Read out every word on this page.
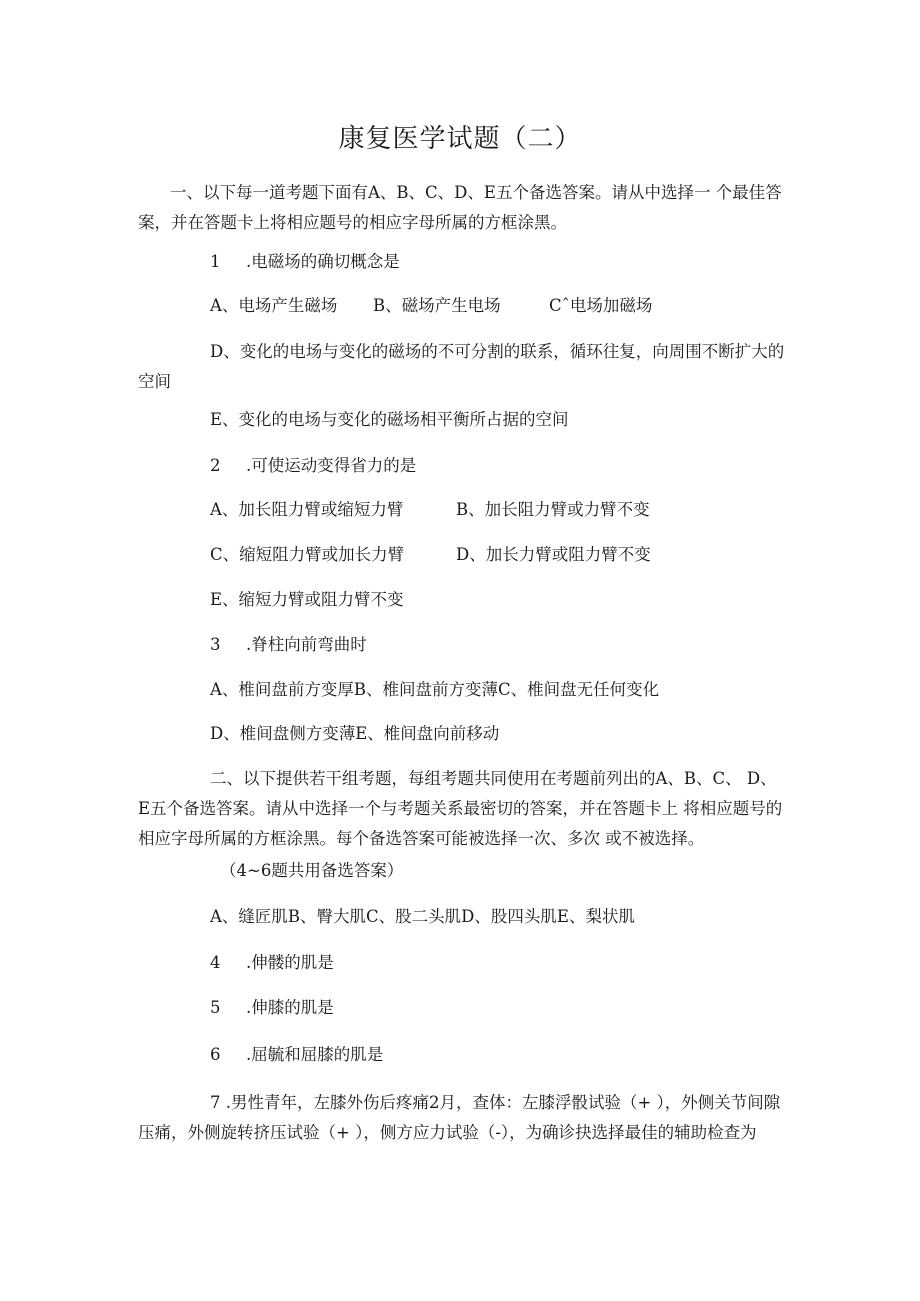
康复医学试题（二）
一、以下每一道考题下面有A、B、C、D、E五个备选答案。请从中选择一 个最佳答案，并在答题卡上将相应题号的相应字母所属的方框涂黑。
1 .电磁场的确切概念是
A、电场产生磁场 B、磁场产生电场	Cˆ电场加磁场
D、变化的电场与变化的磁场的不可分割的联系，循环往复，向周围不断扩大的空间
E、变化的电场与变化的磁场相平衡所占据的空间
2 .可使运动变得省力的是
A、加长阻力臂或缩短力臂	B、加长阻力臂或力臂不变
C、缩短阻力臂或加长力臂	D、加长力臂或阻力臂不变
E、缩短力臂或阻力臂不变
3 .脊柱向前弯曲时
A、椎间盘前方变厚B、椎间盘前方变薄C、椎间盘无任何变化
D、椎间盘侧方变薄E、椎间盘向前移动
二、以下提供若干组考题，每组考题共同使用在考题前列出的A、B、C、 D、E五个备选答案。请从中选择一个与考题关系最密切的答案，并在答题卡上 将相应题号的相应字母所属的方框涂黑。每个备选答案可能被选择一次、多次 或不被选择。
（4~6题共用备选答案）
A、缝匠肌B、臀大肌C、股二头肌D、股四头肌E、梨状肌
4 .伸髅的肌是
5 .伸膝的肌是
6 .屈毓和屈膝的肌是
7 .男性青年，左膝外伤后疼痛2月，查体：左膝浮骰试验（+ ），外侧关节间隙压痛，外侧旋转挤压试验（+ ），侧方应力试验（-），为确诊抉选择最佳的辅助检查为
